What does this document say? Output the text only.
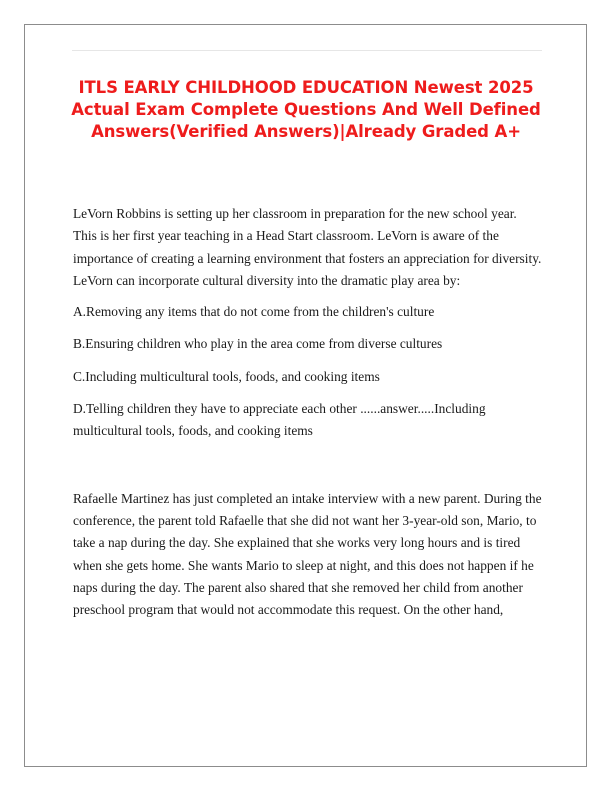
ITLS EARLY CHILDHOOD EDUCATION Newest 2025 Actual Exam Complete Questions And Well Defined Answers(Verified Answers)|Already Graded A+

LeVorn Robbins is setting up her classroom in preparation for the new school year. This is her first year teaching in a Head Start classroom. LeVorn is aware of the importance of creating a learning environment that fosters an appreciation for diversity. LeVorn can incorporate cultural diversity into the dramatic play area by:

A.Removing any items that do not come from the children's culture

B.Ensuring children who play in the area come from diverse cultures

C.Including multicultural tools, foods, and cooking items

D.Telling children they have to appreciate each other ......answer.....Including multicultural tools, foods, and cooking items

Rafaelle Martinez has just completed an intake interview with a new parent. During the conference, the parent told Rafaelle that she did not want her 3-year-old son, Mario, to take a nap during the day. She explained that she works very long hours and is tired when she gets home. She wants Mario to sleep at night, and this does not happen if he naps during the day. The parent also shared that she removed her child from another preschool program that would not accommodate this request. On the other hand,
